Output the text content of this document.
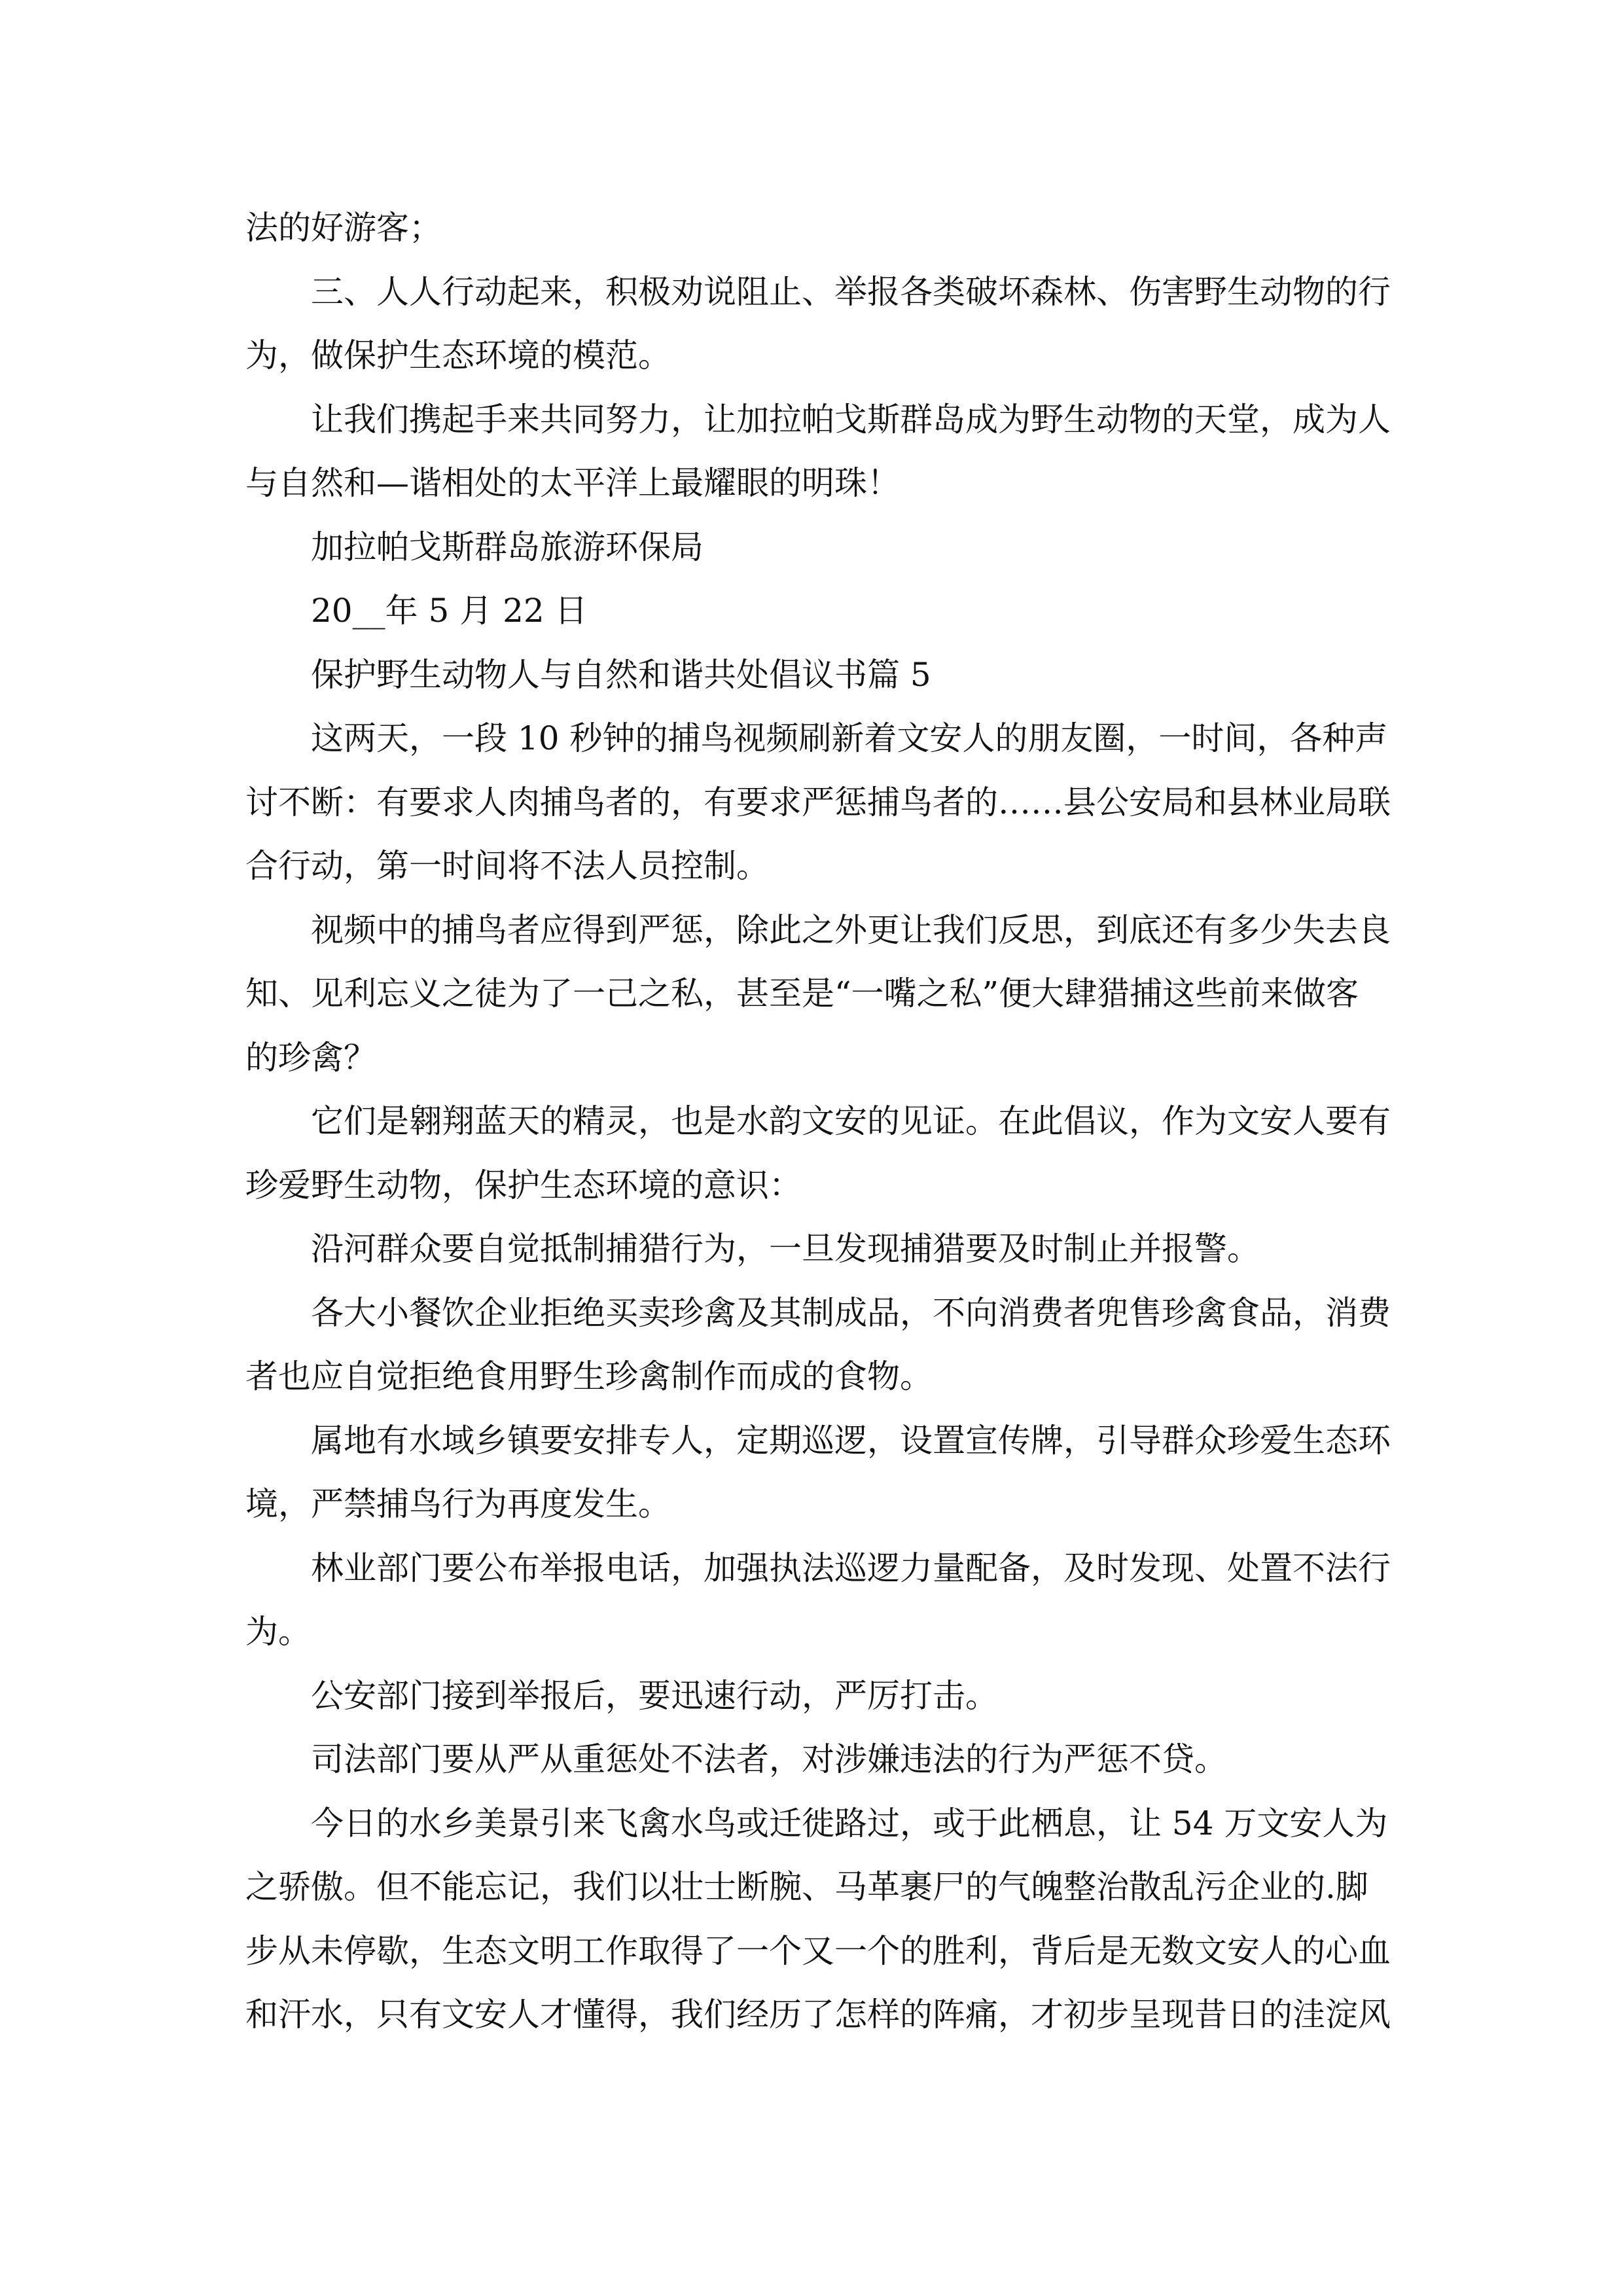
法的好游客；
三、人人行动起来，积极劝说阻止、举报各类破坏森林、伤害野生动物的行
为，做保护生态环境的模范。
让我们携起手来共同努力，让加拉帕戈斯群岛成为野生动物的天堂，成为人
与自然和—谐相处的太平洋上最耀眼的明珠！
加拉帕戈斯群岛旅游环保局
20__年 5 月 22 日
保护野生动物人与自然和谐共处倡议书篇 5
这两天，一段 10 秒钟的捕鸟视频刷新着文安人的朋友圈，一时间，各种声
讨不断：有要求人肉捕鸟者的，有要求严惩捕鸟者的……县公安局和县林业局联
合行动，第一时间将不法人员控制。
视频中的捕鸟者应得到严惩，除此之外更让我们反思，到底还有多少失去良
知、见利忘义之徒为了一己之私，甚至是“一嘴之私”便大肆猎捕这些前来做客
的珍禽？
它们是翱翔蓝天的精灵，也是水韵文安的见证。在此倡议，作为文安人要有
珍爱野生动物，保护生态环境的意识：
沿河群众要自觉抵制捕猎行为，一旦发现捕猎要及时制止并报警。
各大小餐饮企业拒绝买卖珍禽及其制成品，不向消费者兜售珍禽食品，消费
者也应自觉拒绝食用野生珍禽制作而成的食物。
属地有水域乡镇要安排专人，定期巡逻，设置宣传牌，引导群众珍爱生态环
境，严禁捕鸟行为再度发生。
林业部门要公布举报电话，加强执法巡逻力量配备，及时发现、处置不法行
为。
公安部门接到举报后，要迅速行动，严厉打击。
司法部门要从严从重惩处不法者，对涉嫌违法的行为严惩不贷。
今日的水乡美景引来飞禽水鸟或迁徙路过，或于此栖息，让 54 万文安人为
之骄傲。但不能忘记，我们以壮士断腕、马革裹尸的气魄整治散乱污企业的.脚
步从未停歇，生态文明工作取得了一个又一个的胜利，背后是无数文安人的心血
和汗水，只有文安人才懂得，我们经历了怎样的阵痛，才初步呈现昔日的洼淀风
